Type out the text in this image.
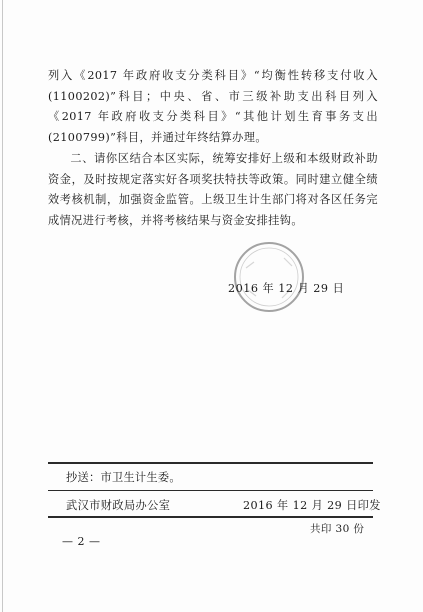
列入《2017 年政府收支分类科目》“均衡性转移支付收入(1100202)”科目；中央、省、市三级补助支出科目列入《2017 年政府收支分类科目》“其他计划生育事务支出(2100799)”科目，并通过年终结算办理。

二、请你区结合本区实际，统筹安排好上级和本级财政补助资金，及时按规定落实好各项奖扶特扶等政策。同时建立健全绩效考核机制，加强资金监管。上级卫生计生部门将对各区任务完成情况进行考核，并将考核结果与资金安排挂钩。

2016 年 12 月 29 日
抄送：市卫生计生委。
武汉市财政局办公室	2016 年 12 月 29 日印发
共印 30 份
— 2 —
